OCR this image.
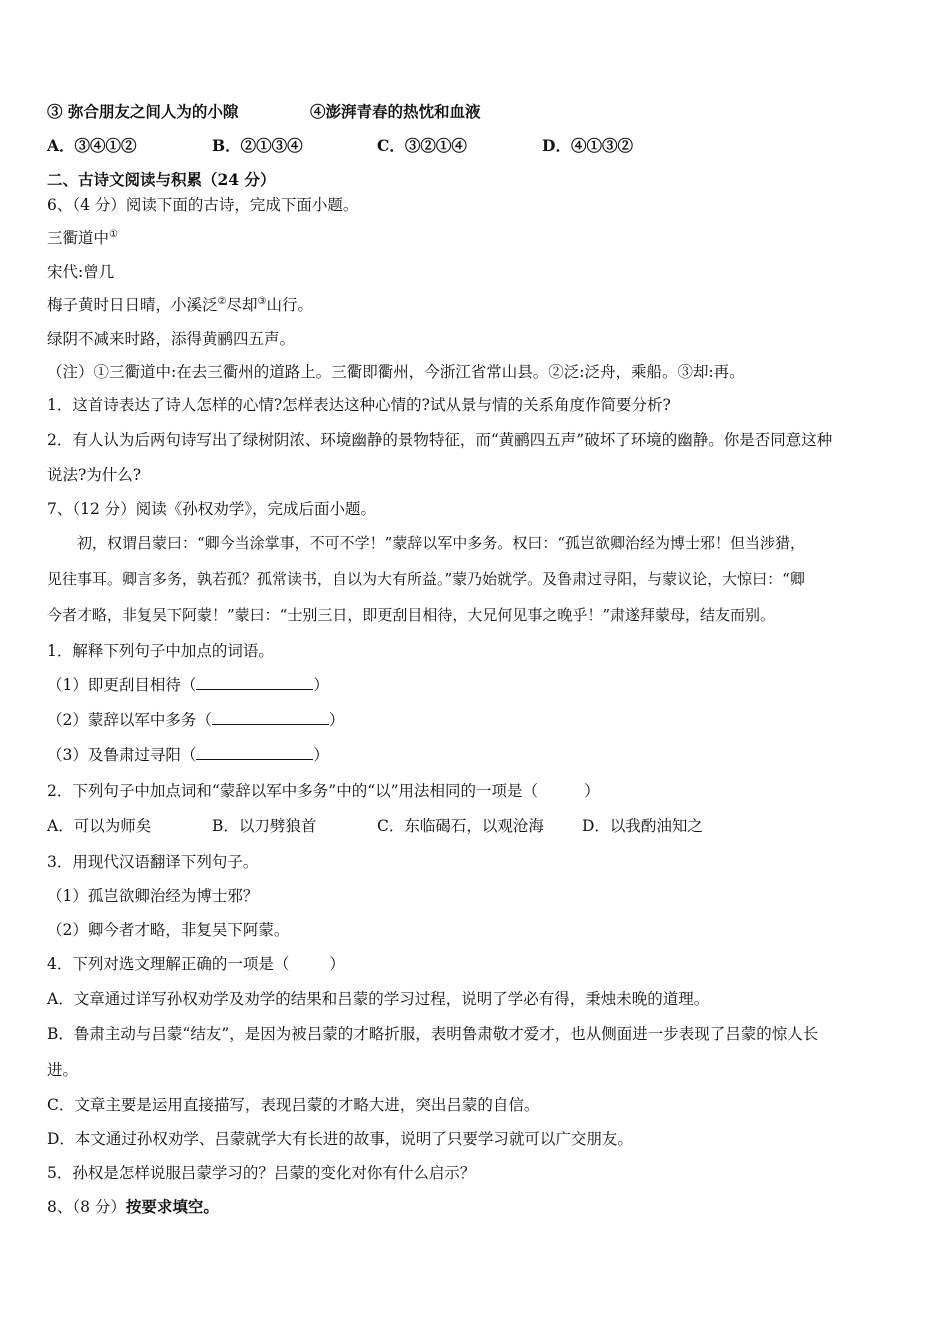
③ 弥合朋友之间人为的小隙	④澎湃青春的热忱和血液
A．③④①②	B．②①③④	C．③②①④	D．④①③②
二、古诗文阅读与积累（24 分）
6、（4 分）阅读下面的古诗，完成下面小题。
三衢道中①
宋代:曾几
梅子黄时日日晴，小溪泛②尽却③山行。
绿阴不减来时路，添得黄鹂四五声。
（注）①三衢道中:在去三衢州的道路上。三衢即衢州，今浙江省常山县。②泛:泛舟，乘船。③却:再。
1．这首诗表达了诗人怎样的心情?怎样表达这种心情的?试从景与情的关系角度作简要分析?
2．有人认为后两句诗写出了绿树阴浓、环境幽静的景物特征，而“黄鹂四五声”破坏了环境的幽静。你是否同意这种
说法?为什么?
7、（12 分）阅读《孙权劝学》，完成后面小题。
初，权谓吕蒙曰：“卿今当涂掌事，不可不学！”蒙辞以军中多务。权曰：“孤岂欲卿治经为博士邪！但当涉猎，
见往事耳。卿言多务，孰若孤？孤常读书，自以为大有所益。”蒙乃始就学。及鲁肃过寻阳，与蒙议论，大惊曰：“卿
今者才略，非复吴下阿蒙！”蒙曰：“士别三日，即更刮目相待，大兄何见事之晚乎！”肃遂拜蒙母，结友而别。
1．解释下列句子中加点的词语。
（1）即更刮目相待（	）
（2）蒙辞以军中多务（	）
（3）及鲁肃过寻阳（	）
2．下列句子中加点词和“蒙辞以军中多务”中的“以”用法相同的一项是（	）
A．可以为师矣	B．以刀劈狼首	C．东临碣石，以观沧海 D．以我酌油知之
3．用现代汉语翻译下列句子。
（1）孤岂欲卿治经为博士邪？
（2）卿今者才略，非复吴下阿蒙。
4．下列对选文理解正确的一项是（	）
A．文章通过详写孙权劝学及劝学的结果和吕蒙的学习过程，说明了学必有得，秉烛未晚的道理。
B．鲁肃主动与吕蒙“结友”，是因为被吕蒙的才略折服，表明鲁肃敬才爱才，也从侧面进一步表现了吕蒙的惊人长
进。
C．文章主要是运用直接描写，表现吕蒙的才略大进，突出吕蒙的自信。
D．本文通过孙权劝学、吕蒙就学大有长进的故事，说明了只要学习就可以广交朋友。
5．孙权是怎样说服吕蒙学习的？吕蒙的变化对你有什么启示？
8、（8 分）按要求填空。
